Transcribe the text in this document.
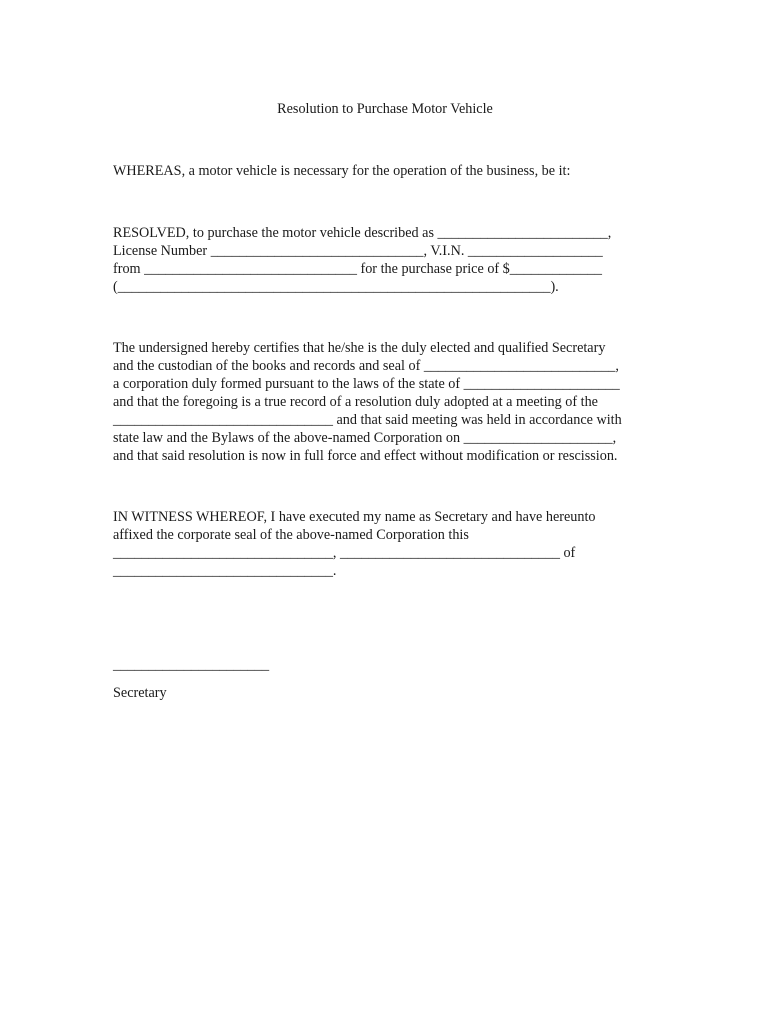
Resolution to Purchase Motor Vehicle
WHEREAS, a motor vehicle is necessary for the operation of the business, be it:
RESOLVED, to purchase the motor vehicle described as ________________________,
License Number ______________________________, V.I.N. ___________________
from ______________________________ for the purchase price of $_____________
(_____________________________________________________________).
The undersigned hereby certifies that he/she is the duly elected and qualified Secretary
and the custodian of the books and records and seal of ___________________________,
a corporation duly formed pursuant to the laws of the state of ______________________
and that the foregoing is a true record of a resolution duly adopted at a meeting of the
_______________________________ and that said meeting was held in accordance with
state law and the Bylaws of the above-named Corporation on _____________________,
and that said resolution is now in full force and effect without modification or rescission.
IN WITNESS WHEREOF, I have executed my name as Secretary and have hereunto
affixed the corporate seal of the above-named Corporation this
_______________________________, _______________________________ of
_______________________________.
______________________
Secretary
